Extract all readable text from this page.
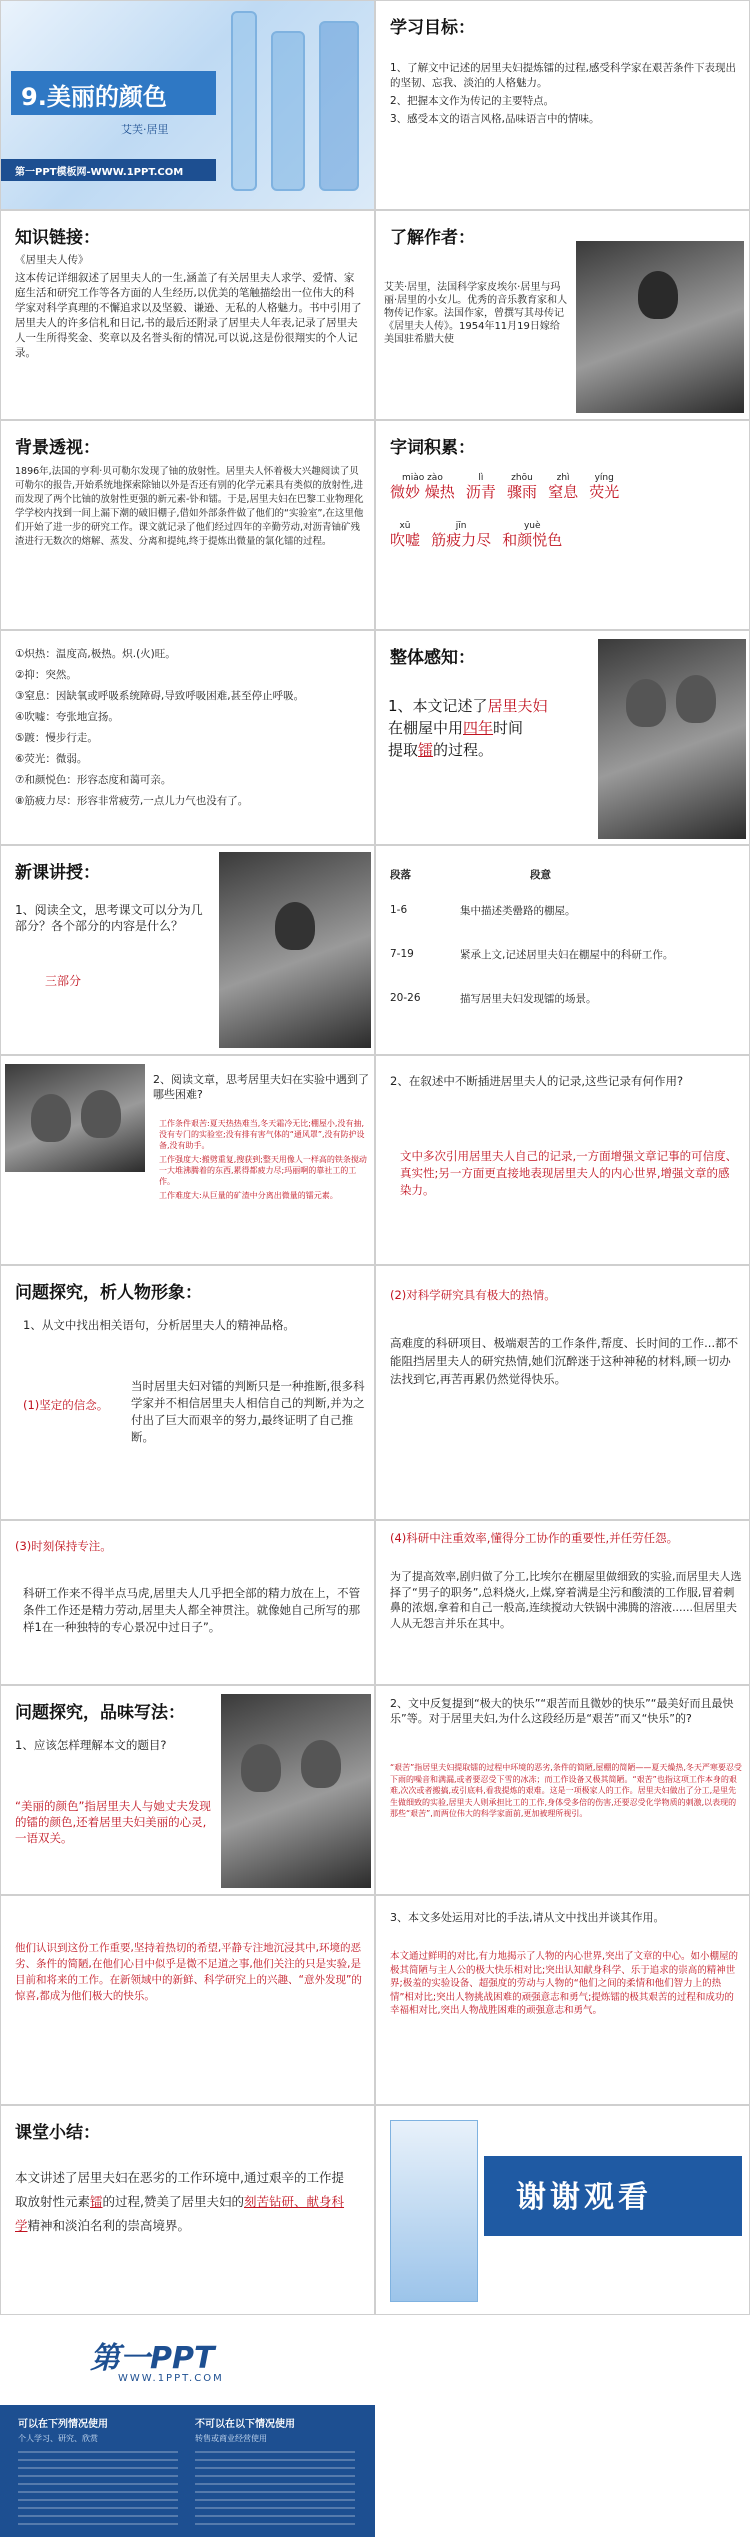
9.美丽的颜色
艾芙·居里
第一PPT模板网-WWW.1PPT.COM
学习目标：

1、了解文中记述的居里夫妇提炼镭的过程,感受科学家在艰苦条件下表现出的坚韧、忘我、淡泊的人格魅力。

2、把握本文作为传记的主要特点。

3、感受本文的语言风格,品味语言中的情味。

知识链接：

《居里夫人传》

这本传记详细叙述了居里夫人的一生,涵盖了有关居里夫人求学、爱情、家庭生活和研究工作等各方面的人生经历,以优美的笔触描绘出一位伟大的科学家对科学真理的不懈追求以及坚毅、谦逊、无私的人格魅力。书中引用了居里夫人的许多信札和日记,书的最后还附录了居里夫人年表,记录了居里夫人一生所得奖金、奖章以及名誉头衔的情况,可以说,这是份很翔实的个人记录。

了解作者：
艾芙·居里，法国科学家皮埃尔·居里与玛丽·居里的小女儿。优秀的音乐教育家和人物传记作家。法国作家，曾撰写其母传记《居里夫人传》。1954年11月19日嫁给美国驻希腊大使
背景透视：
1896年,法国的亨利·贝可勒尔发现了铀的放射性。居里夫人怀着极大兴趣阅读了贝可勒尔的报告,开始系统地探索除铀以外是否还有别的化学元素具有类似的放射性,进而发现了两个比铀的放射性更强的新元素-钋和镭。于是,居里夫妇在巴黎工业物理化学学校内找到一间上漏下潮的破旧棚子,借如外部条件做了他们的“实验室”,在这里他们开始了进一步的研究工作。课文就记录了他们经过四年的辛勤劳动,对沥青铀矿残渣进行无数次的熔解、蒸发、分离和提纯,终于提炼出微量的氯化镭的过程。
字词积累：
miào zào
微妙 燥热

lì
沥青

zhōu
骤雨

zhì
窒息

yíng
荧光
xū
吹嘘

jīn
筋疲力尽

yuè
和颜悦色

①炽热：温度高,极热。炽.(火)旺。

②抑：突然。

③窒息：因缺氧或呼吸系统障碍,导致呼吸困难,甚至停止呼吸。

④吹嘘：夸张地宣扬。

⑤踱：慢步行走。

⑥荧光：微弱。

⑦和颜悦色：形容态度和蔼可亲。

⑧筋疲力尽：形容非常疲劳,一点儿力气也没有了。

整体感知：
1、本文记述了居里夫妇
在棚屋中用四年时间
提取镭的过程。
新课讲授：
1、阅读全文，思考课文可以分为几部分？各个部分的内容是什么？
三部分
段落	段意
1-6	集中描述类罍路的棚屋。
7-19	紧承上文,记述居里夫妇在棚屋中的科研工作。
20-26	描写居里夫妇发现镭的场景。
2、阅读文章，思考居里夫妇在实验中遇到了哪些困难?

工作条件艰苦:夏天热热难当,冬天霜冷无比;棚屋小,没有抽,没有专门的实验室;没有排有害气体的“通风罩”,没有防护设备,没有助手。

工作强度大:搬劈重复,搜获到;整天用像人一样高的铁条搅动一大堆沸腾着的东西,累得都疲力尽;玛丽啊的靠社工的工作。

工作难度大:从巨量的矿渣中分离出微量的镭元素。

2、在叙述中不断插进居里夫人的记录,这些记录有何作用?
文中多次引用居里夫人自己的记录,一方面增强文章记事的可信度、真实性;另一方面更直接地表现居里夫人的内心世界,增强文章的感染力。
问题探究，析人物形象：
1、从文中找出相关语句，分析居里夫人的精神品格。
(1)坚定的信念。
当时居里夫妇对镭的判断只是一种推断,很多科学家并不相信居里夫人相信自己的判断,并为之付出了巨大而艰辛的努力,最终证明了自己推断。
(2)对科学研究具有极大的热情。
高难度的科研项目、极端艰苦的工作条件,帮度、长时间的工作...都不能阻挡居里夫人的研究热情,她们沉醉迷于这种神秘的材料,顾一切办法找到它,再苦再累仍然觉得快乐。
(3)时刻保持专注。
科研工作来不得半点马虎,居里夫人几乎把全部的精力放在上，不管条件工作还是精力劳动,居里夫人都全神贯注。就像她自己所写的那样1在一种独特的专心景况中过日子”。
(4)科研中注重效率,懂得分工协作的重要性,并任劳任怨。
为了提高效率,剧归做了分工,比埃尔在棚屋里做细致的实验,而居里夫人选择了“男子的职务”,总料烧火,上煤,穿着满是尘污和酸渍的工作服,冒着刺鼻的浓烟,拿着和自己一般高,连续搅动大铁锅中沸腾的溶液......但居里夫人从无怨言并乐在其中。
问题探究，品味写法：
1、应该怎样理解本文的题目?
“美丽的颜色”指居里夫人与她丈夫发现的镭的颜色,还着居里夫妇美丽的心灵,一语双关。
2、文中反复提到“极大的快乐”“艰苦而且微妙的快乐”“最美好而且最快乐”等。对于居里夫妇,为什么这段经历是“艰苦”而又“快乐”的?
“艰苦”指居里夫妇提取镭的过程中环境的恶劣,条件的简陋,屋棚的简陋——夏天燥热,冬天严寒要忍受下雨的噪音和满漏,或者要忍受下雪的冰冻；而工作设备又极其简陋。“艰苦”也指这项工作本身的艰难,次次或者搬搞,或引底料,看我提炼的艰难。这是一项极家人的工作。居里夫妇做出了分工,是里先生做细致的实验,居里夫人则承担比工的工作,身体受多倍的伤害,还要忍受化学物质的刺激,以表现的那些“艰苦”,而两位伟大的科学家面前,更加被理所视引。
他们认识到这份工作重要,坚持着热切的希望,平静专注地沉浸其中,环境的恶劣、条件的简陋,在他们心目中似乎是微不足道之事,他们关注的只是实验,是目前和将来的工作。在新领域中的新鲜、科学研究上的兴趣、“意外发现”的惊喜,都成为他们极大的快乐。
3、本文多处运用对比的手法,请从文中找出并谈其作用。
本文通过鲜明的对比,有力地揭示了人物的内心世界,突出了文章的中心。如小棚屋的极其简陋与主人公的极大快乐相对比;突出认知献身科学、乐于追求的崇高的精神世界;极羞的实验设备、超强度的劳动与人物的“他们之间的柔情和他们智力上的热情”相对比;突出人物挑战困难的顽强意志和勇气;提炼镭的极其艰苦的过程和成功的幸福相对比,突出人物战胜困难的顽强意志和勇气。
课堂小结：
本文讲述了居里夫妇在恶劣的工作环境中,通过艰辛的工作提取放射性元素镭的过程,赞美了居里夫妇的刻苦钻研、献身科学精神和淡泊名利的崇高境界。
谢谢观看
第一PPT
WWW.1PPT.COM
可以在下列情况使用	不可以在以下情况使用
个人学习、研究、欣赏	转售或商业经营使用
